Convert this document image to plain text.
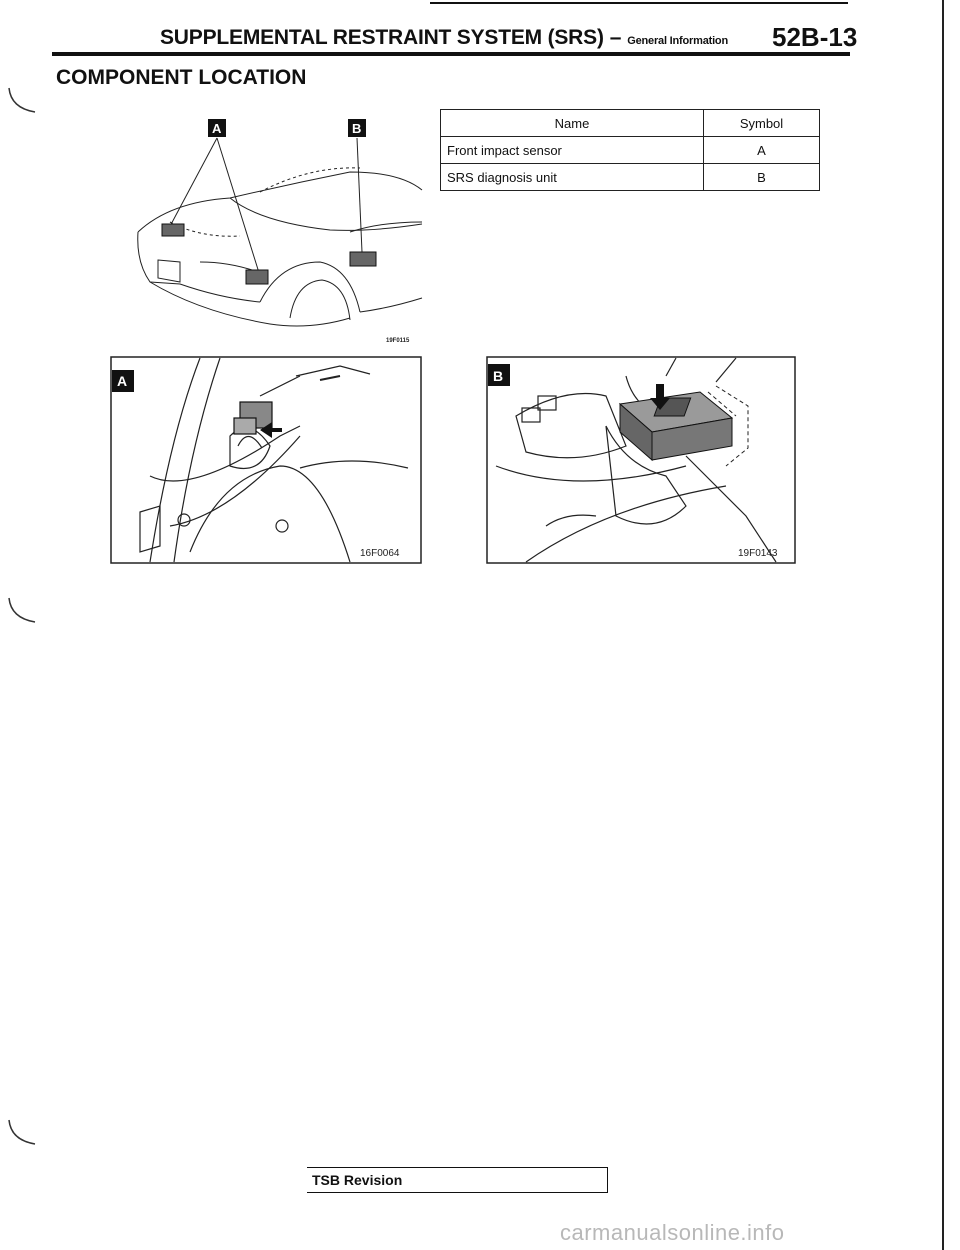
SUPPLEMENTAL RESTRAINT SYSTEM (SRS) – General Information 52B-13
COMPONENT LOCATION
Name	Symbol
Front impact sensor	A
SRS diagnosis unit	B
A	B
19F0115
A
16F0064
B
19F0143
TSB Revision
carmanualsonline.info
